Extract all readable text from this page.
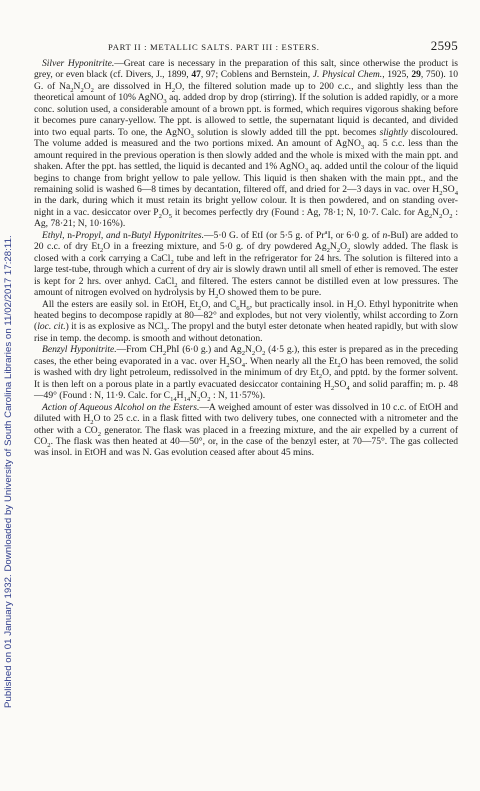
Published on 01 January 1932. Downloaded by University of South Carolina Libraries on 11/02/2017 17:28:11.
PART II : METALLIC SALTS. PART III : ESTERS.	2595

Silver Hyponitrite.—Great care is necessary in the preparation of this salt, since otherwise the product is grey, or even black (cf. Divers, J., 1899, 47, 97; Coblens and Bernstein, J. Physical Chem., 1925, 29, 750). 10 G. of $Na_2N_2O_2$ are dissolved in $H_2O$, the filtered solution made up to 200 c.c., and slightly less than the theoretical amount of 10% AgNO$_3$ aq. added drop by drop (stirring). If the solution is added rapidly, or a more conc. solution used, a considerable amount of a brown ppt. is formed, which requires vigorous shaking before it becomes pure canary-yellow. The ppt. is allowed to settle, the supernatant liquid is decanted, and divided into two equal parts. To one, the AgNO$_3$ solution is slowly added till the ppt. becomes slightly discoloured. The volume added is measured and the two portions mixed. An amount of AgNO$_3$ aq. 5 c.c. less than the amount required in the previous operation is then slowly added and the whole is mixed with the main ppt. and shaken. After the ppt. has settled, the liquid is decanted and 1% AgNO$_3$ aq. added until the colour of the liquid begins to change from bright yellow to pale yellow. This liquid is then shaken with the main ppt., and the remaining solid is washed 6—8 times by decantation, filtered off, and dried for 2—3 days in vac. over $H_2SO_4$ in the dark, during which it must retain its bright yellow colour. It is then powdered, and on standing over-night in a vac. desiccator over $P_2O_5$ it becomes perfectly dry (Found : Ag, 78·1; N, 10·7. Calc. for $Ag_2N_2O_2$ : Ag, 78·21; N, 10·16%).

Ethyl, n-Propyl, and n-Butyl Hyponitrites.—5·0 G. of EtI (or 5·5 g. of Pr$^a$I, or 6·0 g. of n-BuI) are added to 20 c.c. of dry $Et_2O$ in a freezing mixture, and 5·0 g. of dry powdered $Ag_2N_2O_2$ slowly added. The flask is closed with a cork carrying a CaCl$_2$ tube and left in the refrigerator for 24 hrs. The solution is filtered into a large test-tube, through which a current of dry air is slowly drawn until all smell of ether is removed. The ester is kept for 2 hrs. over anhyd. CaCl$_2$ and filtered. The esters cannot be distilled even at low pressures. The amount of nitrogen evolved on hydrolysis by $H_2O$ showed them to be pure.

All the esters are easily sol. in EtOH, $Et_2O$, and $C_6H_6$, but practically insol. in $H_2O$. Ethyl hyponitrite when heated begins to decompose rapidly at 80—82° and explodes, but not very violently, whilst according to Zorn (loc. cit.) it is as explosive as NCl$_3$. The propyl and the butyl ester detonate when heated rapidly, but with slow rise in temp. the decomp. is smooth and without detonation.

Benzyl Hyponitrite.—From $CH_2PhI$ (6·0 g.) and $Ag_2N_2O_2$ (4·5 g.), this ester is prepared as in the preceding cases, the ether being evaporated in a vac. over $H_2SO_4$. When nearly all the $Et_2O$ has been removed, the solid is washed with dry light petroleum, redissolved in the minimum of dry $Et_2O$, and pptd. by the former solvent. It is then left on a porous plate in a partly evacuated desiccator containing $H_2SO_4$ and solid paraffin; m. p. 48—49° (Found : N, 11·9. Calc. for $C_{14}H_{14}N_2O_2$ : N, 11·57%).

Action of Aqueous Alcohol on the Esters.—A weighed amount of ester was dissolved in 10 c.c. of EtOH and diluted with $H_2O$ to 25 c.c. in a flask fitted with two delivery tubes, one connected with a nitrometer and the other with a $CO_2$ generator. The flask was placed in a freezing mixture, and the air expelled by a current of $CO_2$. The flask was then heated at 40—50°, or, in the case of the benzyl ester, at 70—75°. The gas collected was insol. in EtOH and was N. Gas evolution ceased after about 45 mins.
